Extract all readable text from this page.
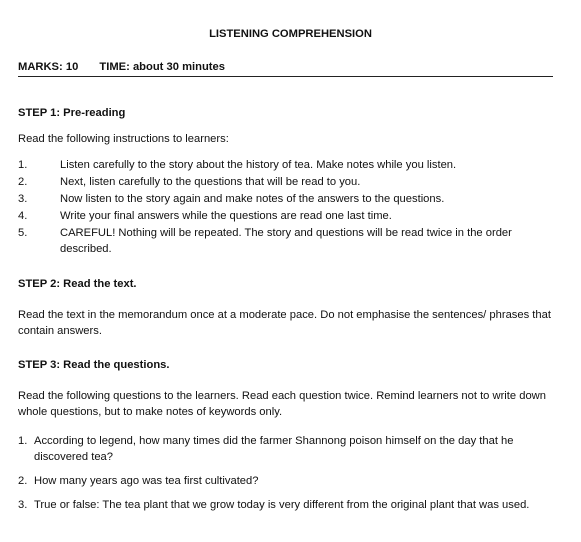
LISTENING COMPREHENSION
MARKS: 10 TIME: about 30 minutes
STEP 1: Pre-reading
Read the following instructions to learners:
1.	Listen carefully to the story about the history of tea. Make notes while you listen.
2.	Next, listen carefully to the questions that will be read to you.
3.	Now listen to the story again and make notes of the answers to the questions.
4.	Write your final answers while the questions are read one last time.
5.	CAREFUL! Nothing will be repeated. The story and questions will be read twice in the order described.
STEP 2: Read the text.
Read the text in the memorandum once at a moderate pace. Do not emphasise the sentences/ phrases that contain answers.
STEP 3: Read the questions.
Read the following questions to the learners. Read each question twice. Remind learners not to write down whole questions, but to make notes of keywords only.
1. According to legend, how many times did the farmer Shannong poison himself on the day that he discovered tea?
2. How many years ago was tea first cultivated?
3. True or false: The tea plant that we grow today is very different from the original plant that was used.
